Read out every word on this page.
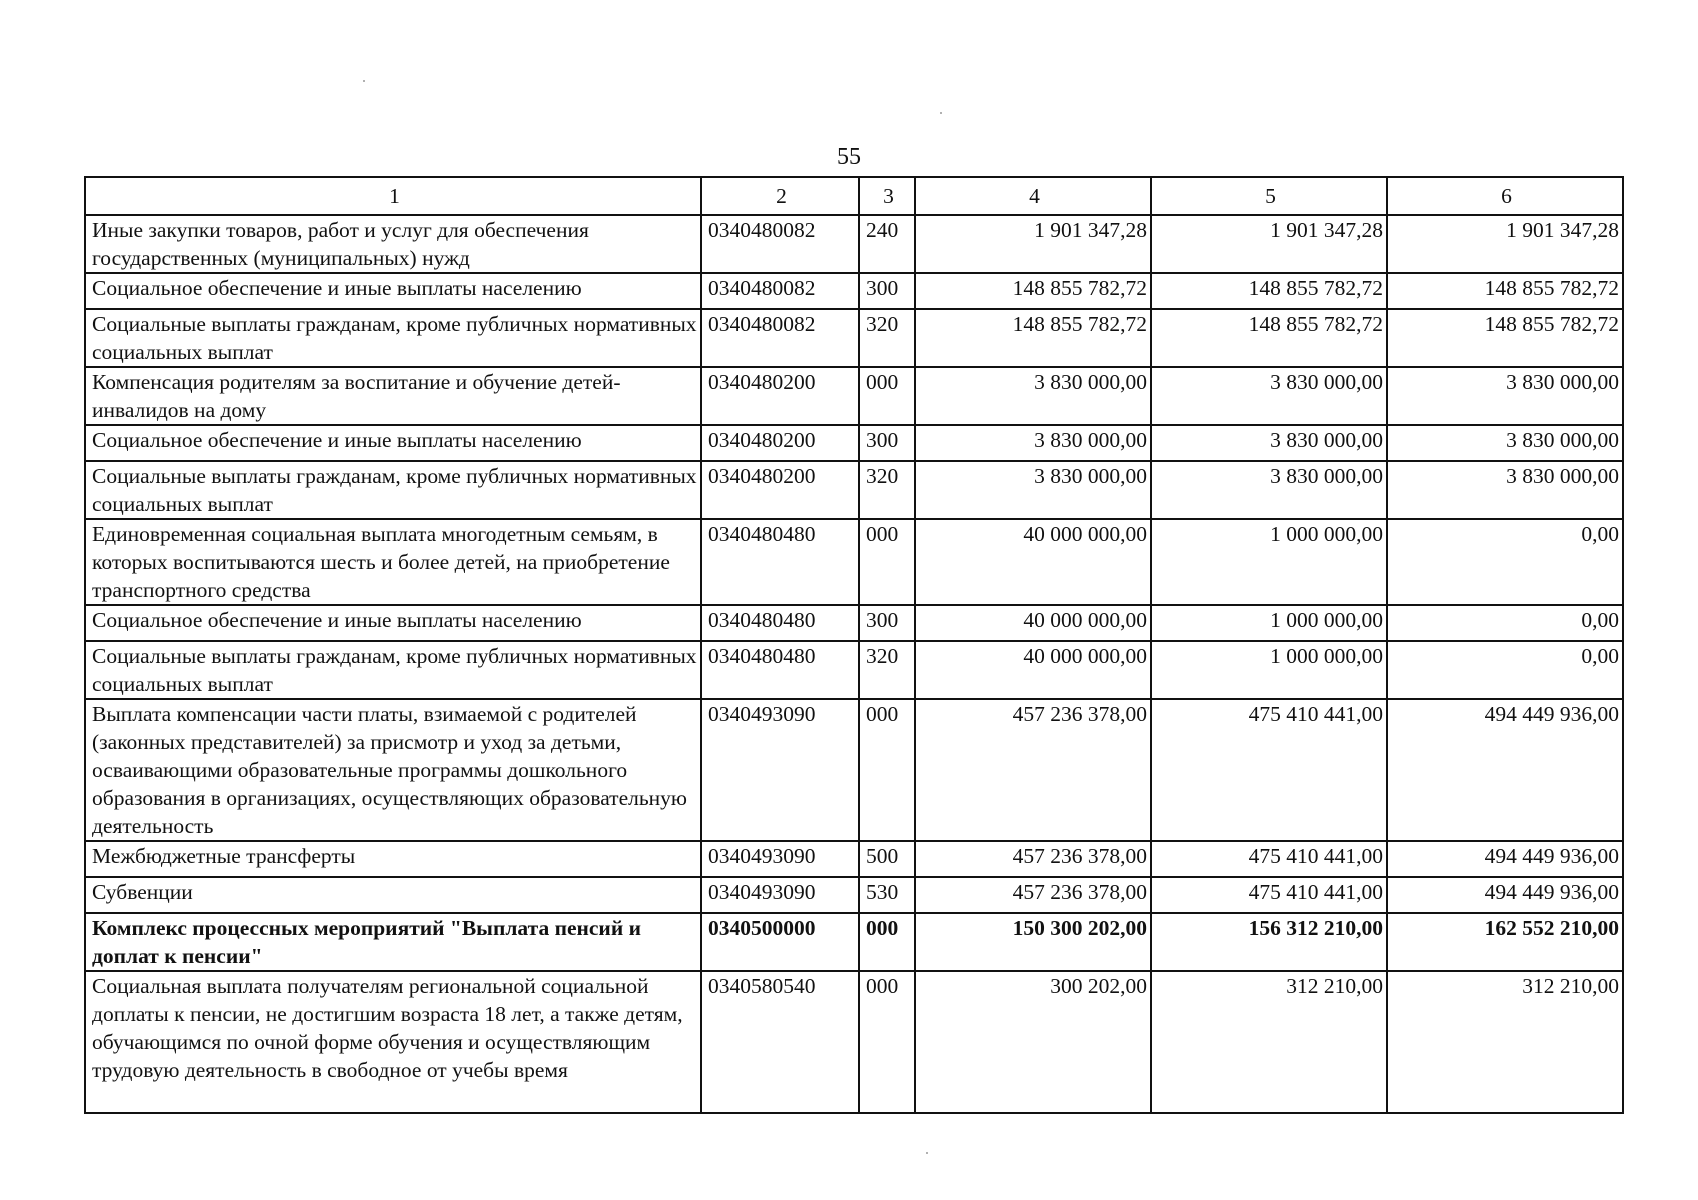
55
1	2	3	4	5	6
Иные закупки товаров, работ и услуг для обеспечения государственных (муниципальных) нужд	0340480082	240	1 901 347,28	1 901 347,28	1 901 347,28
Социальное обеспечение и иные выплаты населению	0340480082	300	148 855 782,72	148 855 782,72	148 855 782,72
Социальные выплаты гражданам, кроме публичных нормативных социальных выплат	0340480082	320	148 855 782,72	148 855 782,72	148 855 782,72
Компенсация родителям за воспитание и обучение детей-инвалидов на дому	0340480200	000	3 830 000,00	3 830 000,00	3 830 000,00
Социальное обеспечение и иные выплаты населению	0340480200	300	3 830 000,00	3 830 000,00	3 830 000,00
Социальные выплаты гражданам, кроме публичных нормативных социальных выплат	0340480200	320	3 830 000,00	3 830 000,00	3 830 000,00
Единовременная социальная выплата многодетным семьям, в которых воспитываются шесть и более детей, на приобретение транспортного средства	0340480480	000	40 000 000,00	1 000 000,00	0,00
Социальное обеспечение и иные выплаты населению	0340480480	300	40 000 000,00	1 000 000,00	0,00
Социальные выплаты гражданам, кроме публичных нормативных социальных выплат	0340480480	320	40 000 000,00	1 000 000,00	0,00
Выплата компенсации части платы, взимаемой с родителей (законных представителей) за присмотр и уход за детьми, осваивающими образовательные программы дошкольного образования в организациях, осуществляющих образовательную деятельность	0340493090	000	457 236 378,00	475 410 441,00	494 449 936,00
Межбюджетные трансферты	0340493090	500	457 236 378,00	475 410 441,00	494 449 936,00
Субвенции	0340493090	530	457 236 378,00	475 410 441,00	494 449 936,00
Комплекс процессных мероприятий "Выплата пенсий и доплат к пенсии"	0340500000	000	150 300 202,00	156 312 210,00	162 552 210,00
Социальная выплата получателям региональной социальной доплаты к пенсии, не достигшим возраста 18 лет, а также детям, обучающимся по очной форме обучения и осуществляющим трудовую деятельность в свободное от учебы время	0340580540	000	300 202,00	312 210,00	312 210,00
